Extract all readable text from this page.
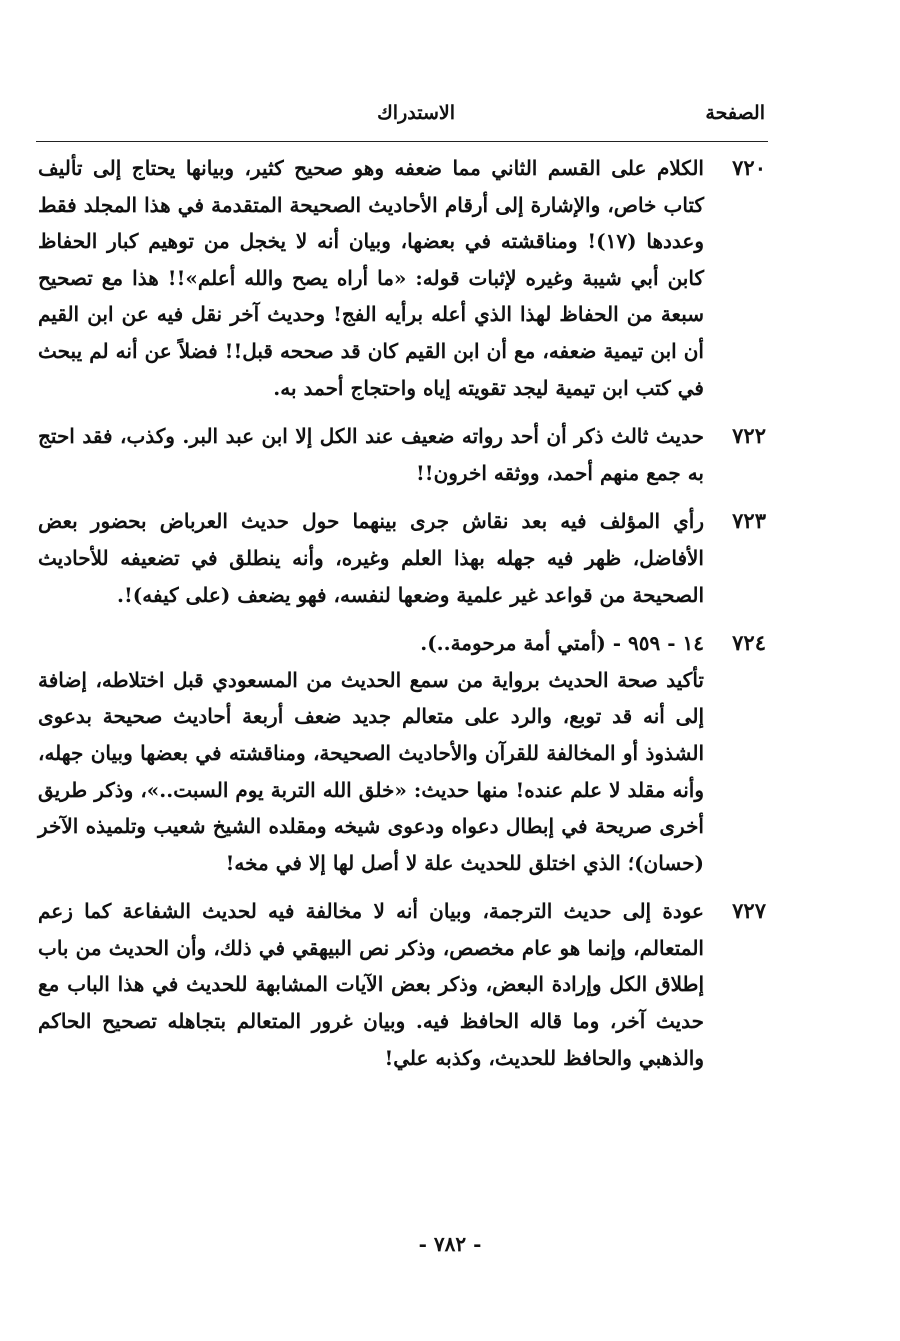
الصفحة
الاستدراك
٧٢٠

الكلام على القسم الثاني مما ضعفه وهو صحيح كثير، وبيانها يحتاج إلى تأليف كتاب خاص، والإشارة إلى أرقام الأحاديث الصحيحة المتقدمة في هذا المجلد فقط وعددها (١٧)! ومناقشته في بعضها، وبيان أنه لا يخجل من توهيم كبار الحفاظ كابن أبي شيبة وغيره لإثبات قوله: «ما أراه يصح والله أعلم»!! هذا مع تصحيح سبعة من الحفاظ لهذا الذي أعله برأيه الفج! وحديث آخر نقل فيه عن ابن القيم أن ابن تيمية ضعفه، مع أن ابن القيم كان قد صححه قبل!! فضلاً عن أنه لم يبحث في كتب ابن تيمية ليجد تقويته إياه واحتجاج أحمد به.

٧٢٢

حديث ثالث ذكر أن أحد رواته ضعيف عند الكل إلا ابن عبد البر. وكذب، فقد احتج به جمع منهم أحمد، ووثقه اخرون!!

٧٢٣

رأي المؤلف فيه بعد نقاش جرى بينهما حول حديث العرباض بحضور بعض الأفاضل، ظهر فيه جهله بهذا العلم وغيره، وأنه ينطلق في تضعيفه للأحاديث الصحيحة من قواعد غير علمية وضعها لنفسه، فهو يضعف (على كيفه)!.

٧٢٤

١٤ - ٩٥٩ - (أمتي أمة مرحومة..).

تأكيد صحة الحديث برواية من سمع الحديث من المسعودي قبل اختلاطه، إضافة إلى أنه قد توبع، والرد على متعالم جديد ضعف أربعة أحاديث صحيحة بدعوى الشذوذ أو المخالفة للقرآن والأحاديث الصحيحة، ومناقشته في بعضها وبيان جهله، وأنه مقلد لا علم عنده! منها حديث: «خلق الله التربة يوم السبت..»، وذكر طريق أخرى صريحة في إبطال دعواه ودعوى شيخه ومقلده الشيخ شعيب وتلميذه الآخر (حسان)؛ الذي اختلق للحديث علة لا أصل لها إلا في مخه!

٧٢٧

عودة إلى حديث الترجمة، وبيان أنه لا مخالفة فيه لحديث الشفاعة كما زعم المتعالم، وإنما هو عام مخصص، وذكر نص البيهقي في ذلك، وأن الحديث من باب إطلاق الكل وإرادة البعض، وذكر بعض الآيات المشابهة للحديث في هذا الباب مع حديث آخر، وما قاله الحافظ فيه. وبيان غرور المتعالم بتجاهله تصحيح الحاكم والذهبي والحافظ للحديث، وكذبه علي!

- ٧٨٢ -
